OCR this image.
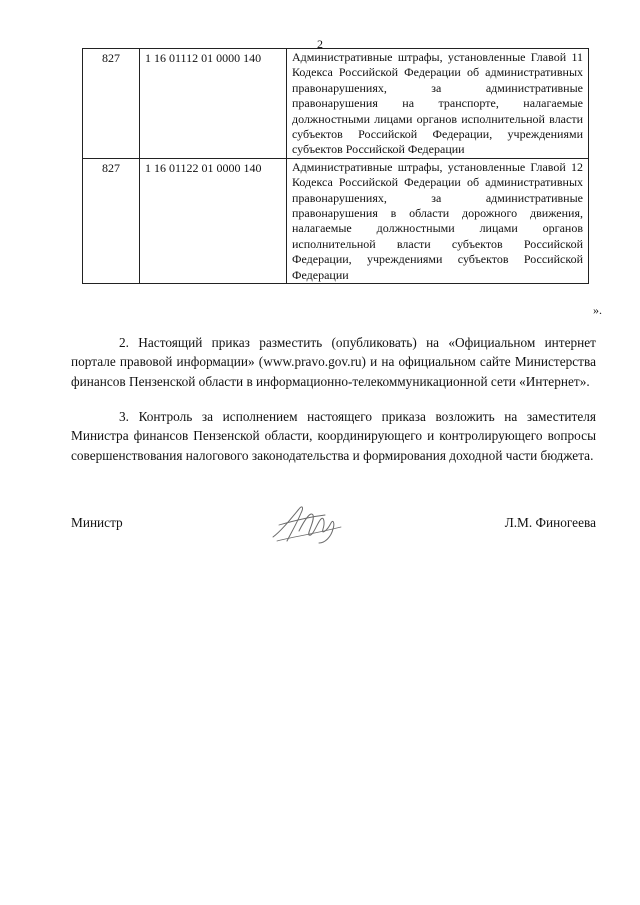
2
827	1 16 01112 01 0000 140	Административные штрафы, установленные Главой 11 Кодекса Российской Федерации об административных правонарушениях, за административные правонарушения на транспорте, налагаемые должностными лицами органов исполнительной власти субъектов Российской Федерации, учреждениями субъектов Российской Федерации
827	1 16 01122 01 0000 140	Административные штрафы, установленные Главой 12 Кодекса Российской Федерации об административных правонарушениях, за административные правонарушения в области дорожного движения, налагаемые должностными лицами органов исполнительной власти субъектов Российской Федерации, учреждениями субъектов Российской Федерации
».

2. Настоящий приказ разместить (опубликовать) на «Официальном интернет портале правовой информации» (www.pravo.gov.ru) и на официальном сайте Министерства финансов Пензенской области в информационно-телекоммуникационной сети «Интернет».

3. Контроль за исполнением настоящего приказа возложить на заместителя Министра финансов Пензенской области, координирующего и контролирующего вопросы совершенствования налогового законодательства и формирования доходной части бюджета.

Министр	Л.М. Финогеева
